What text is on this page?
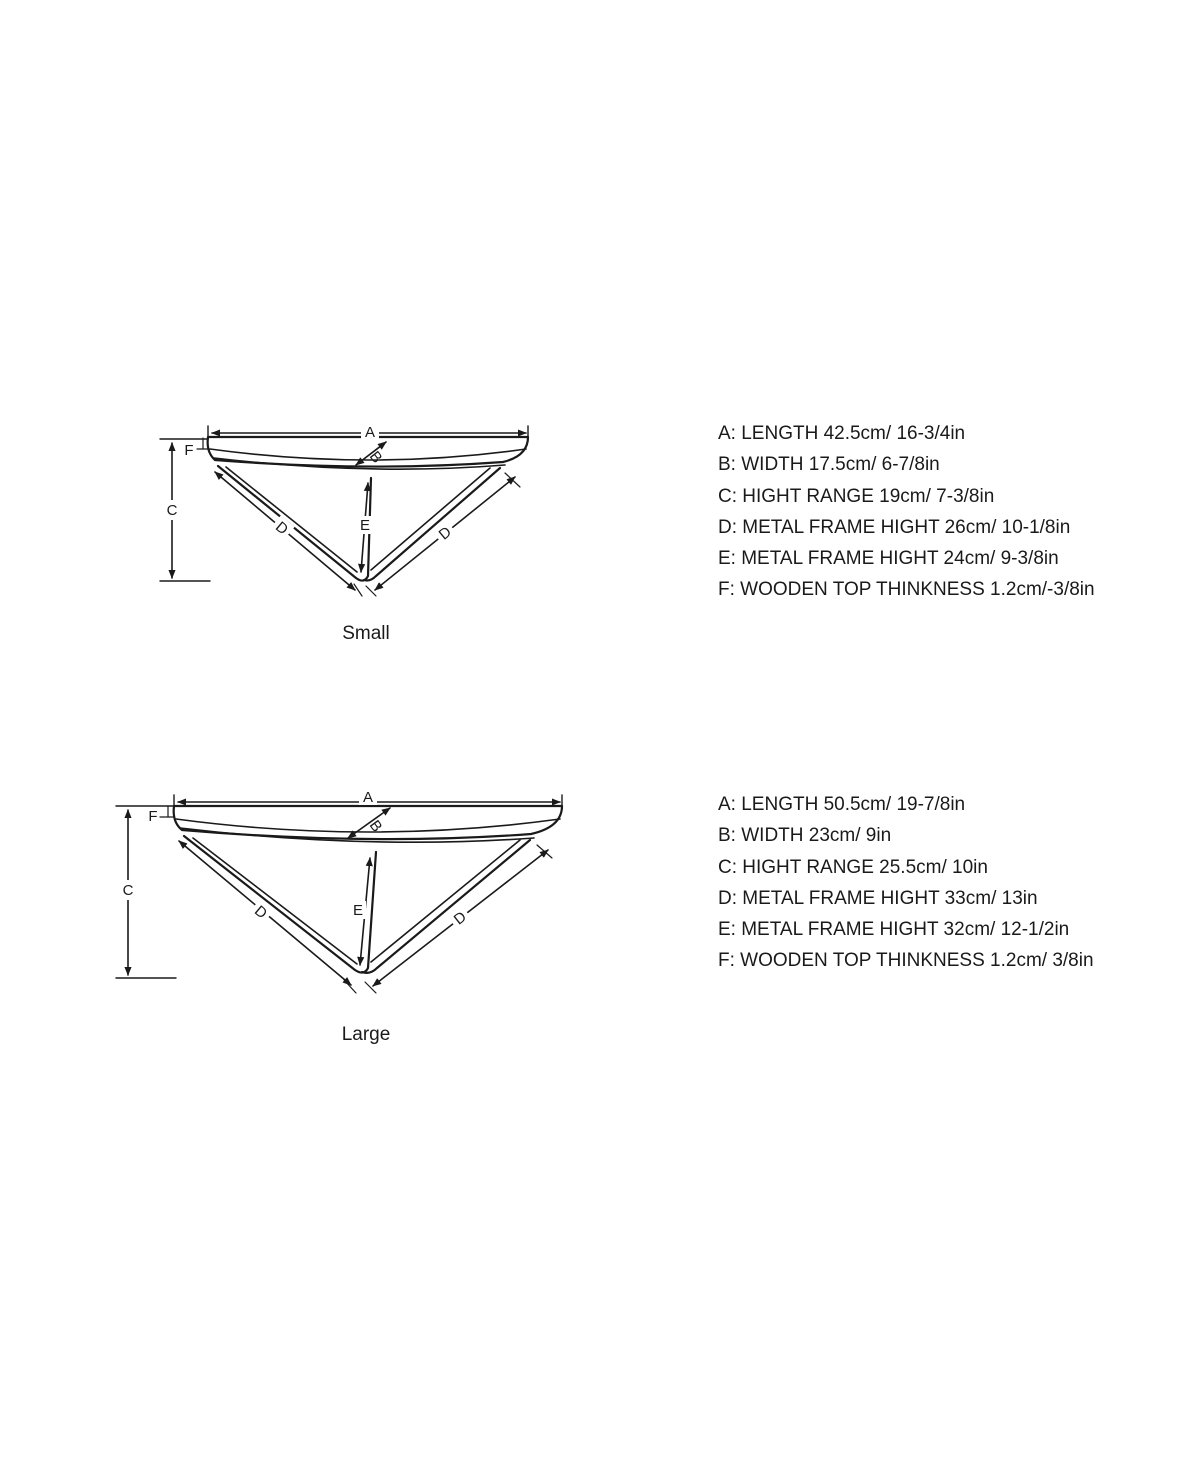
A
B
C
F
E
D	D
A
B
C
F
E
D	D
Small
Large
A: LENGTH 42.5cm/ 16-3/4in
B: WIDTH 17.5cm/ 6-7/8in
C: HIGHT RANGE 19cm/ 7-3/8in
D: METAL FRAME HIGHT 26cm/ 10-1/8in
E: METAL FRAME HIGHT 24cm/ 9-3/8in
F: WOODEN TOP THINKNESS 1.2cm/-3/8in
A: LENGTH 50.5cm/ 19-7/8in
B: WIDTH 23cm/ 9in
C: HIGHT RANGE 25.5cm/ 10in
D: METAL FRAME HIGHT 33cm/ 13in
E: METAL FRAME HIGHT 32cm/ 12-1/2in
F: WOODEN TOP THINKNESS 1.2cm/ 3/8in
